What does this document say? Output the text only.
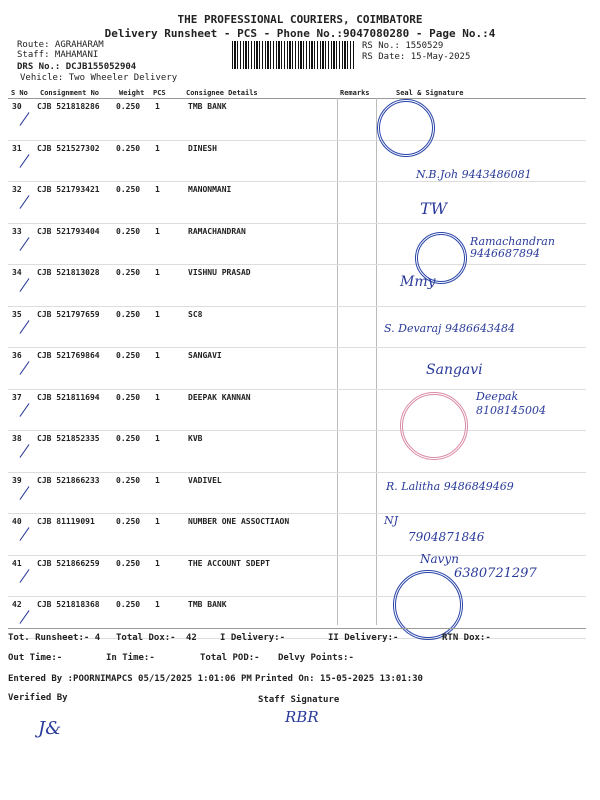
THE PROFESSIONAL COURIERS, COIMBATORE
Delivery Runsheet - PCS - Phone No.:9047080280 - Page No.:4
Route: AGRAHARAM
Staff: MAHAMANI
DRS No.: DCJB155052904
Vehicle: Two Wheeler Delivery
RS No.: 1550529
RS Date: 15-May-2025
S No Consignment No	Weight PCS	Consignee Details	Remarks	Seal & Signature
30 CJB 521818286 0.250 1	TMB BANK
31 CJB 521527302 0.250 1	DINESH
32 CJB 521793421 0.250 1	MANONMANI
33 CJB 521793404 0.250 1	RAMACHANDRAN
34 CJB 521813028 0.250 1	VISHNU PRASAD
35 CJB 521797659 0.250 1	SC8
36 CJB 521769864 0.250 1	SANGAVI
37 CJB 521811694 0.250 1	DEEPAK KANNAN
38 CJB 521852335 0.250 1	KVB
39 CJB 521866233 0.250 1	VADIVEL
40 CJB 81119091	0.250 1	NUMBER ONE ASSOCTIAON
41 CJB 521866259 0.250 1	THE ACCOUNT SDEPT
42 CJB 521818368 0.250 1	TMB BANK
N.B.Joh 9443486081
TW
Ramachandran 9446687894
Mmy
S. Devaraj 9486643484
Sangavi
Deepak 8108145004
R. Lalitha 9486849469
NJ
7904871846
Navyn
6380721297
Tot. Runsheet:- 4 Total Dox:- 42	I Delivery:-	II Delivery:-	RTN Dox:-
Out Time:-	In Time:-	Total POD:- Delvy Points:-
Entered By :POORNIMAPCS 05/15/2025 1:01:06 PM Printed On: 15-05-2025 13:01:30
Verified By	Staff Signature
J&
RBR
